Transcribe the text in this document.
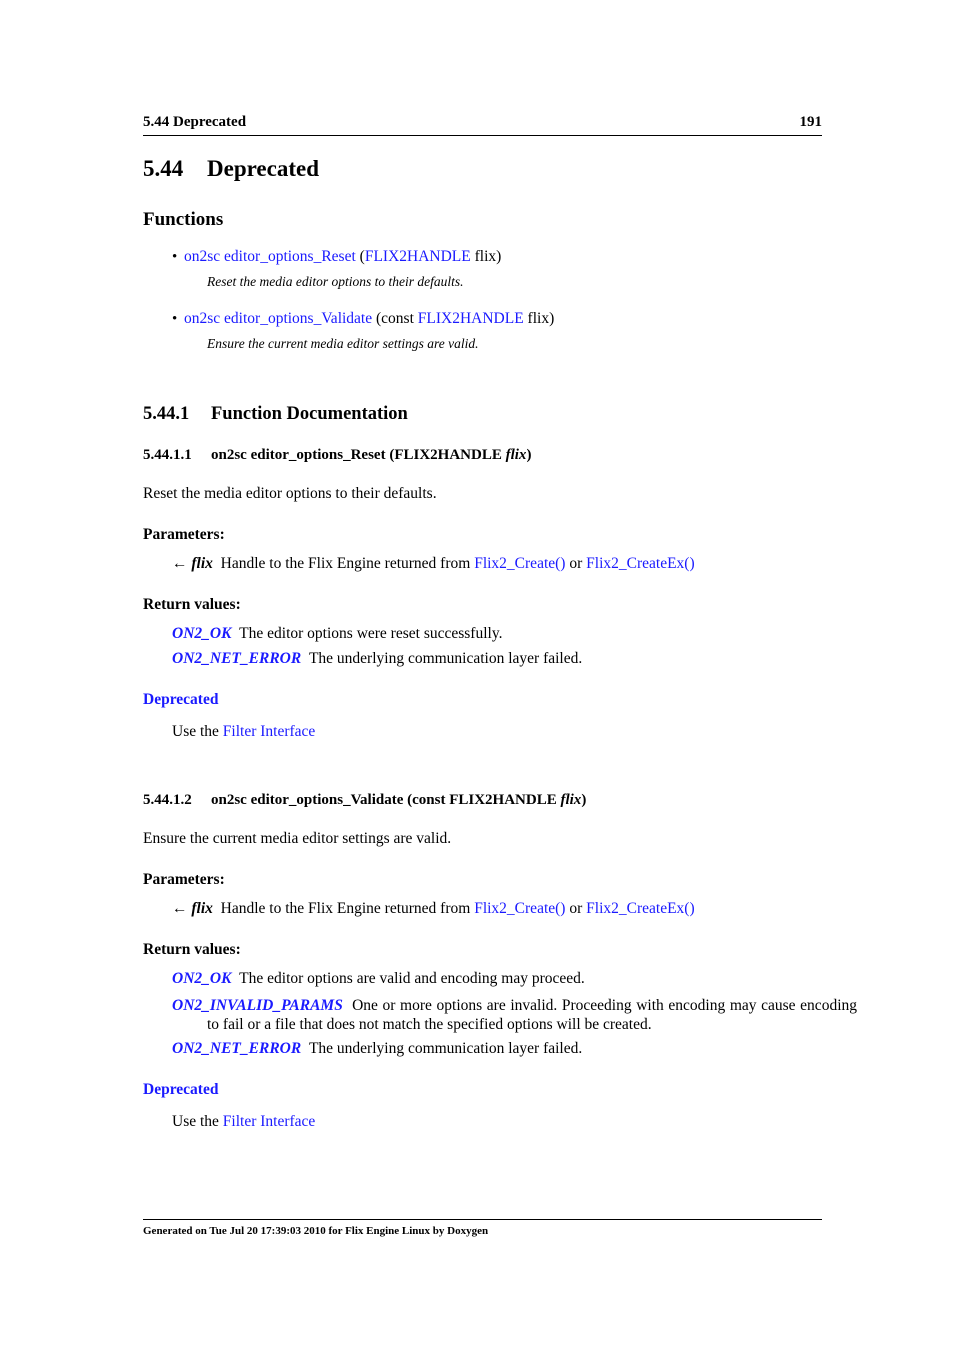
5.44 Deprecated	191
5.44 Deprecated
Functions
• on2sc editor_options_Reset (FLIX2HANDLE flix)
Reset the media editor options to their defaults.
• on2sc editor_options_Validate (const FLIX2HANDLE flix)
Ensure the current media editor settings are valid.
5.44.1 Function Documentation
5.44.1.1 on2sc editor_options_Reset (FLIX2HANDLE flix)
Reset the media editor options to their defaults.
Parameters:
← flix Handle to the Flix Engine returned from Flix2_Create() or Flix2_CreateEx()
Return values:
ON2_OK The editor options were reset successfully.
ON2_NET_ERROR The underlying communication layer failed.
Deprecated
Use the Filter Interface
5.44.1.2 on2sc editor_options_Validate (const FLIX2HANDLE flix)
Ensure the current media editor settings are valid.
Parameters:
← flix Handle to the Flix Engine returned from Flix2_Create() or Flix2_CreateEx()
Return values:
ON2_OK The editor options are valid and encoding may proceed.
ON2_INVALID_PARAMS One or more options are invalid. Proceeding with encoding may cause encoding to fail or a file that does not match the specified options will be created.
ON2_NET_ERROR The underlying communication layer failed.
Deprecated
Use the Filter Interface
Generated on Tue Jul 20 17:39:03 2010 for Flix Engine Linux by Doxygen
